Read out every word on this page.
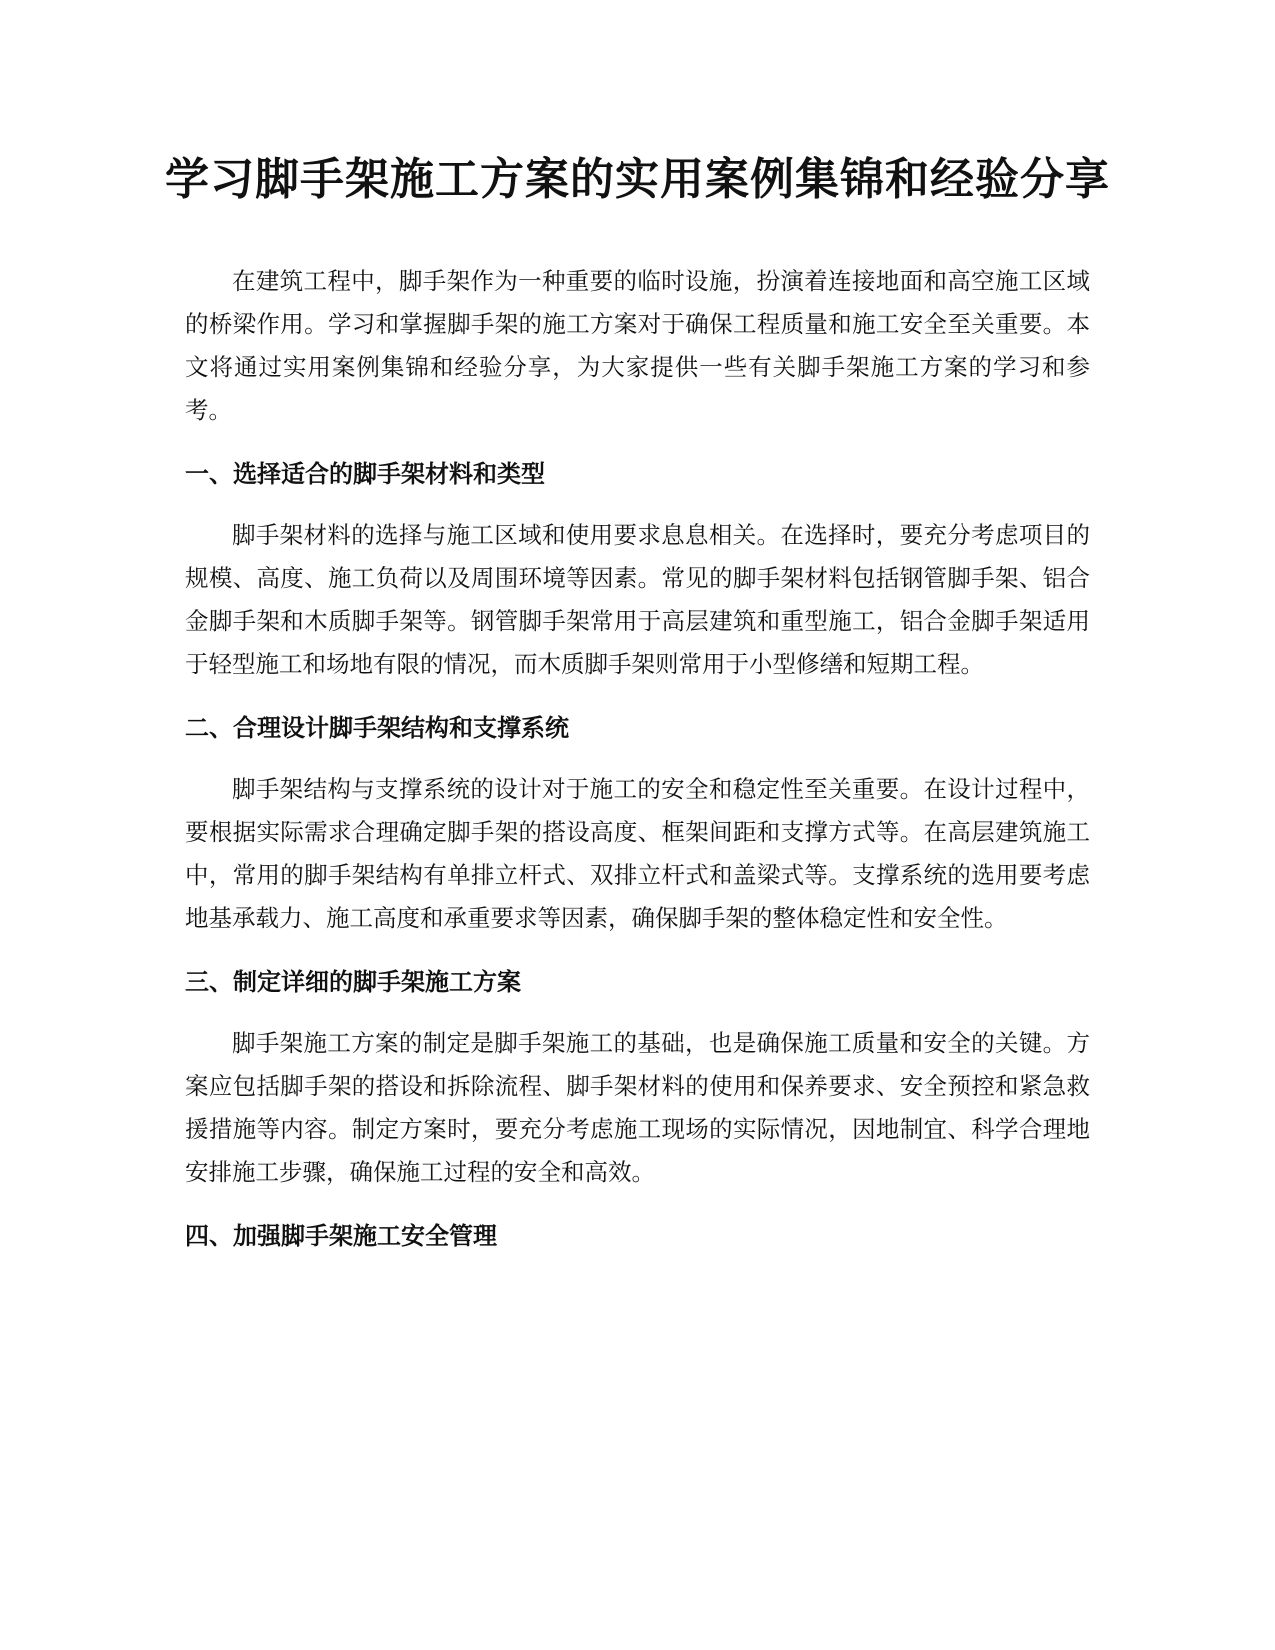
学习脚手架施工方案的实用案例集锦和经验分享

在建筑工程中，脚手架作为一种重要的临时设施，扮演着连接地面和高空施工区域的桥梁作用。学习和掌握脚手架的施工方案对于确保工程质量和施工安全至关重要。本文将通过实用案例集锦和经验分享，为大家提供一些有关脚手架施工方案的学习和参考。

一、选择适合的脚手架材料和类型

脚手架材料的选择与施工区域和使用要求息息相关。在选择时，要充分考虑项目的规模、高度、施工负荷以及周围环境等因素。常见的脚手架材料包括钢管脚手架、铝合金脚手架和木质脚手架等。钢管脚手架常用于高层建筑和重型施工，铝合金脚手架适用于轻型施工和场地有限的情况，而木质脚手架则常用于小型修缮和短期工程。

二、合理设计脚手架结构和支撑系统

脚手架结构与支撑系统的设计对于施工的安全和稳定性至关重要。在设计过程中，要根据实际需求合理确定脚手架的搭设高度、框架间距和支撑方式等。在高层建筑施工中，常用的脚手架结构有单排立杆式、双排立杆式和盖梁式等。支撑系统的选用要考虑地基承载力、施工高度和承重要求等因素，确保脚手架的整体稳定性和安全性。

三、制定详细的脚手架施工方案

脚手架施工方案的制定是脚手架施工的基础，也是确保施工质量和安全的关键。方案应包括脚手架的搭设和拆除流程、脚手架材料的使用和保养要求、安全预控和紧急救援措施等内容。制定方案时，要充分考虑施工现场的实际情况，因地制宜、科学合理地安排施工步骤，确保施工过程的安全和高效。

四、加强脚手架施工安全管理
